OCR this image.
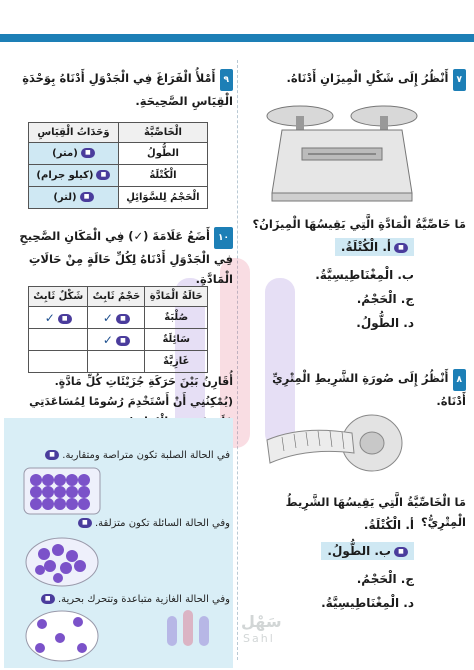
٧أَنْظُرُ إِلَى شَكْلِ الْمِيزَانِ أَدْنَاهُ.
مَا خَاصِّيَّةُ الْمَادَّةِ الَّتِي يَقِيسُهَا الْمِيزَانُ؟
■أ. الْكُتْلَةُ.
ب. الْمِغْنَاطِيسِيَّةُ.
ج. الْحَجْمُ.
د. الطُّولُ.
٨أَنْظُرُ إِلَى صُورَةِ الشَّرِيطِ الْمِتْرِيِّ أَدْنَاهُ.
مَا الْخَاصِّيَّةُ الَّتِي يَقِيسُهَا الشَّرِيطُ الْمِتْرِيُّ؟
أ. الْكُتْلَةُ.
■ب. الطُّولُ.
ج. الْحَجْمُ.
د. الْمِغْنَاطِيسِيَّةُ.
٩أَمْلأُ الْفَرَاغَ فِي الْجَدْوَلِ أَدْنَاهُ بِوَحْدَةِ الْقِيَاسِ الصَّحِيحَةِ.
الْخَاصِّيَّةُ	وَحَدَاتُ الْقِيَاسِ
الطُّولُ	■(متر)
الْكُتْلَةُ	■(كيلو جرام)
الْحَجْمُ لِلسَّوَائِلِ	■(لتر)
١٠أَضَعُ عَلَامَةَ (✓) فِي الْمَكَانِ الصَّحِيحِ فِي الْجَدْوَلِ أَدْنَاهُ لِكُلِّ حَالَةٍ مِنْ حَالَاتِ الْمَادَّةِ.
حَالَةُ الْمَادَّةِ	حَجْمٌ ثَابِتٌ	شَكْلٌ ثَابِتٌ
صُلْبَةٌ	■✓	■✓
سَائِلَةٌ	■✓	
غَازِيَّةٌ		
أُقَارِنُ بَيْنَ حَرَكَةِ جُزَيْئَاتِ كُلِّ مَادَّةٍ. (يُمْكِنُنِي أَنْ أَسْتَخْدِمَ رُسُومًا لِمُسَاعَدَتِي
في الحالة الصلبة تكون متراصة ومتقاربة. ■
وفي الحالة السائلة تكون متزلقة. ■
وفي الحالة الغازية متباعدة وتتحرك بحرية. ■
سَهْل
Sahl
